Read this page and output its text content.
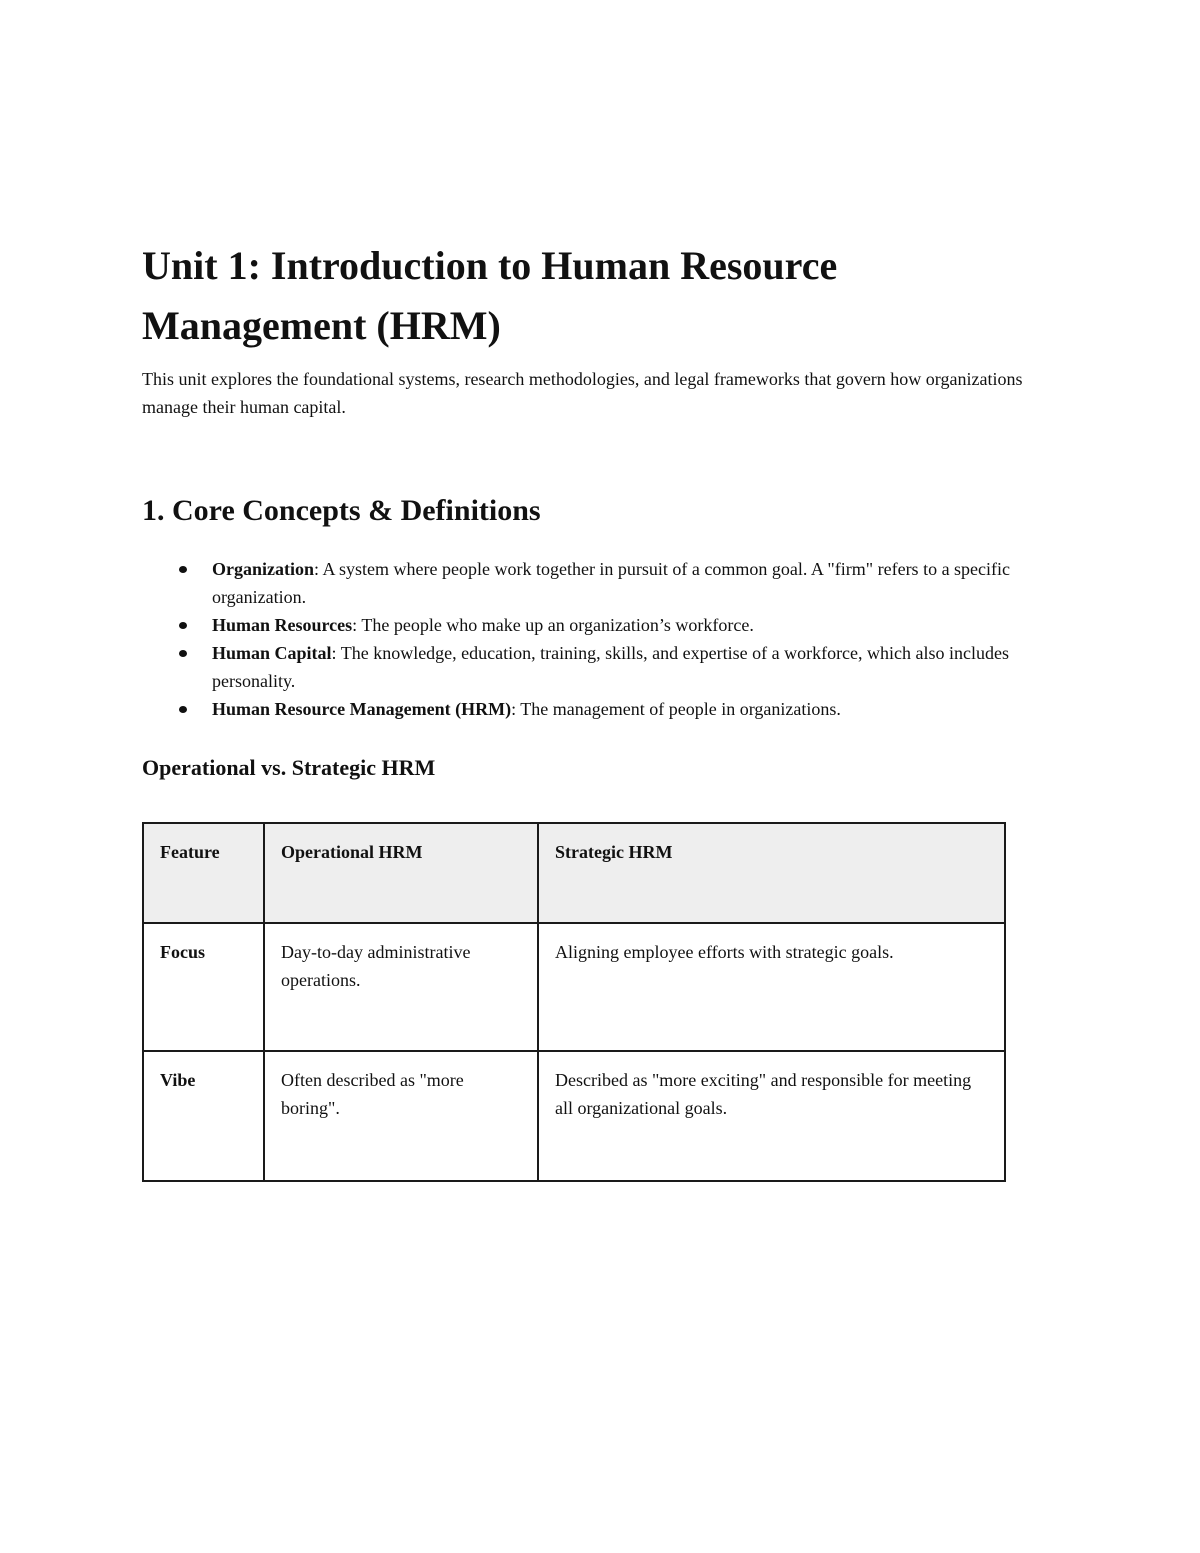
Unit 1: Introduction to Human Resource Management (HRM)

This unit explores the foundational systems, research methodologies, and legal frameworks that govern how organizations manage their human capital.

1. Core Concepts & Definitions
Organization: A system where people work together in pursuit of a common goal. A "firm" refers to a specific organization.
Human Resources: The people who make up an organization’s workforce.
Human Capital: The knowledge, education, training, skills, and expertise of a workforce, which also includes personality.
Human Resource Management (HRM): The management of people in organizations.
Operational vs. Strategic HRM
Feature	Operational HRM	Strategic HRM
Focus	Day-to-day administrative operations.	Aligning employee efforts with strategic goals.
Vibe	Often described as "more boring".	Described as "more exciting" and responsible for meeting all organizational goals.
